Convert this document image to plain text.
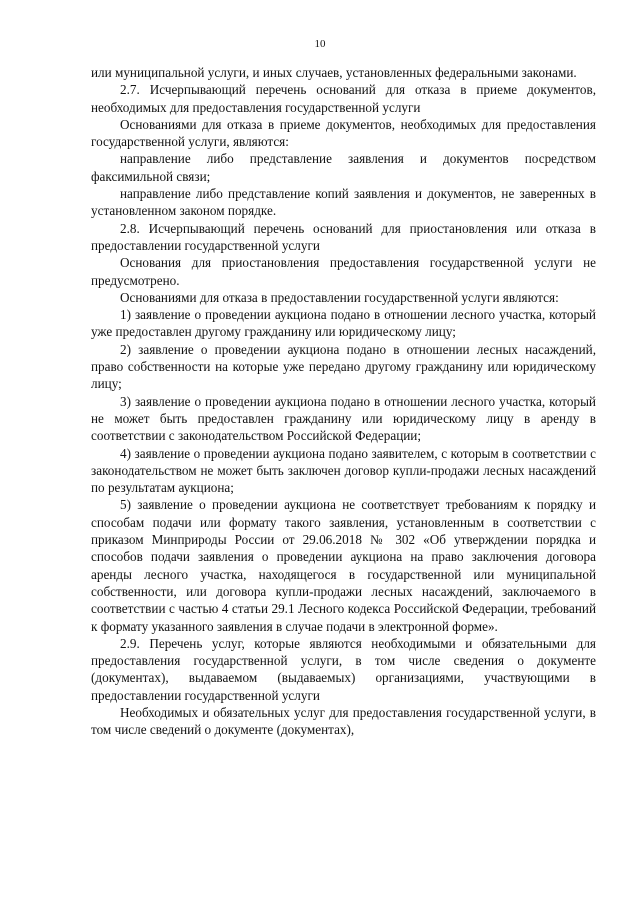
10

или муниципальной услуги, и иных случаев, установленных федеральными законами.

2.7. Исчерпывающий перечень оснований для отказа в приеме документов, необходимых для предоставления государственной услуги

Основаниями для отказа в приеме документов, необходимых для предоставления государственной услуги, являются:

направление либо представление заявления и документов посредством факсимильной связи;

направление либо представление копий заявления и документов, не заверенных в установленном законом порядке.

2.8. Исчерпывающий перечень оснований для приостановления или отказа в предоставлении государственной услуги

Основания для приостановления предоставления государственной услуги не предусмотрено.

Основаниями для отказа в предоставлении государственной услуги являются:

1) заявление о проведении аукциона подано в отношении лесного участка, который уже предоставлен другому гражданину или юридическому лицу;

2) заявление о проведении аукциона подано в отношении лесных насаждений, право собственности на которые уже передано другому гражданину или юридическому лицу;

3) заявление о проведении аукциона подано в отношении лесного участка, который не может быть предоставлен гражданину или юридическому лицу в аренду в соответствии с законодательством Российской Федерации;

4) заявление о проведении аукциона подано заявителем, с которым в соответствии с законодательством не может быть заключен договор купли-продажи лесных насаждений по результатам аукциона;

5) заявление о проведении аукциона не соответствует требованиям к порядку и способам подачи или формату такого заявления, установленным в соответствии с приказом Минприроды России от 29.06.2018 № 302 «Об утверждении порядка и способов подачи заявления о проведении аукциона на право заключения договора аренды лесного участка, находящегося в государственной или муниципальной собственности, или договора купли-продажи лесных насаждений, заключаемого в соответствии с частью 4 статьи 29.1 Лесного кодекса Российской Федерации, требований к формату указанного заявления в случае подачи в электронной форме».

2.9. Перечень услуг, которые являются необходимыми и обязательными для предоставления государственной услуги, в том числе сведения о документе (документах), выдаваемом (выдаваемых) организациями, участвующими в предоставлении государственной услуги

Необходимых и обязательных услуг для предоставления государственной услуги, в том числе сведений о документе (документах),
